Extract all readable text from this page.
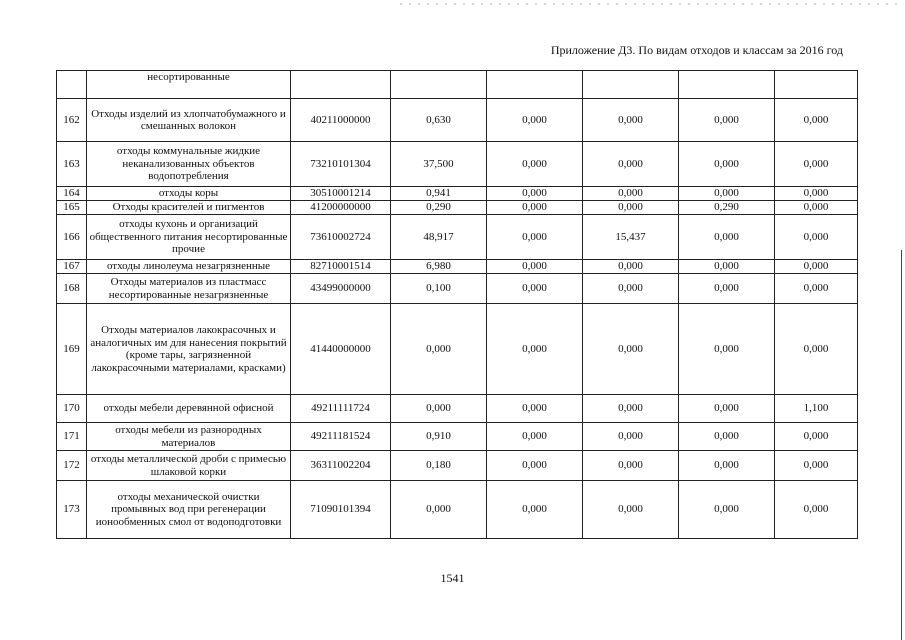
Приложение Д3. По видам отходов и классам за 2016 год
	несортированные						
162	Отходы изделий из хлопчатобумажного и смешанных волокон	40211000000	0,630	0,000	0,000	0,000	0,000
163	отходы коммунальные жидкие неканализованных объектов водопотребления	73210101304	37,500	0,000	0,000	0,000	0,000
164	отходы коры	30510001214	0,941	0,000	0,000	0,000	0,000
165	Отходы красителей и пигментов	41200000000	0,290	0,000	0,000	0,290	0,000
166	отходы кухонь и организаций общественного питания несортированные прочие	73610002724	48,917	0,000	15,437	0,000	0,000
167	отходы линолеума незагрязненные	82710001514	6,980	0,000	0,000	0,000	0,000
168	Отходы материалов из пластмасс несортированные незагрязненные	43499000000	0,100	0,000	0,000	0,000	0,000
169	Отходы материалов лакокрасочных и аналогичных им для нанесения покрытий (кроме тары, загрязненной лакокрасочными материалами, красками)	41440000000	0,000	0,000	0,000	0,000	0,000
170	отходы мебели деревянной офисной	49211111724	0,000	0,000	0,000	0,000	1,100
171	отходы мебели из разнородных материалов	49211181524	0,910	0,000	0,000	0,000	0,000
172	отходы металлической дроби с примесью шлаковой корки	36311002204	0,180	0,000	0,000	0,000	0,000
173	отходы механической очистки промывных вод при регенерации ионообменных смол от водоподготовки	71090101394	0,000	0,000	0,000	0,000	0,000
1541
